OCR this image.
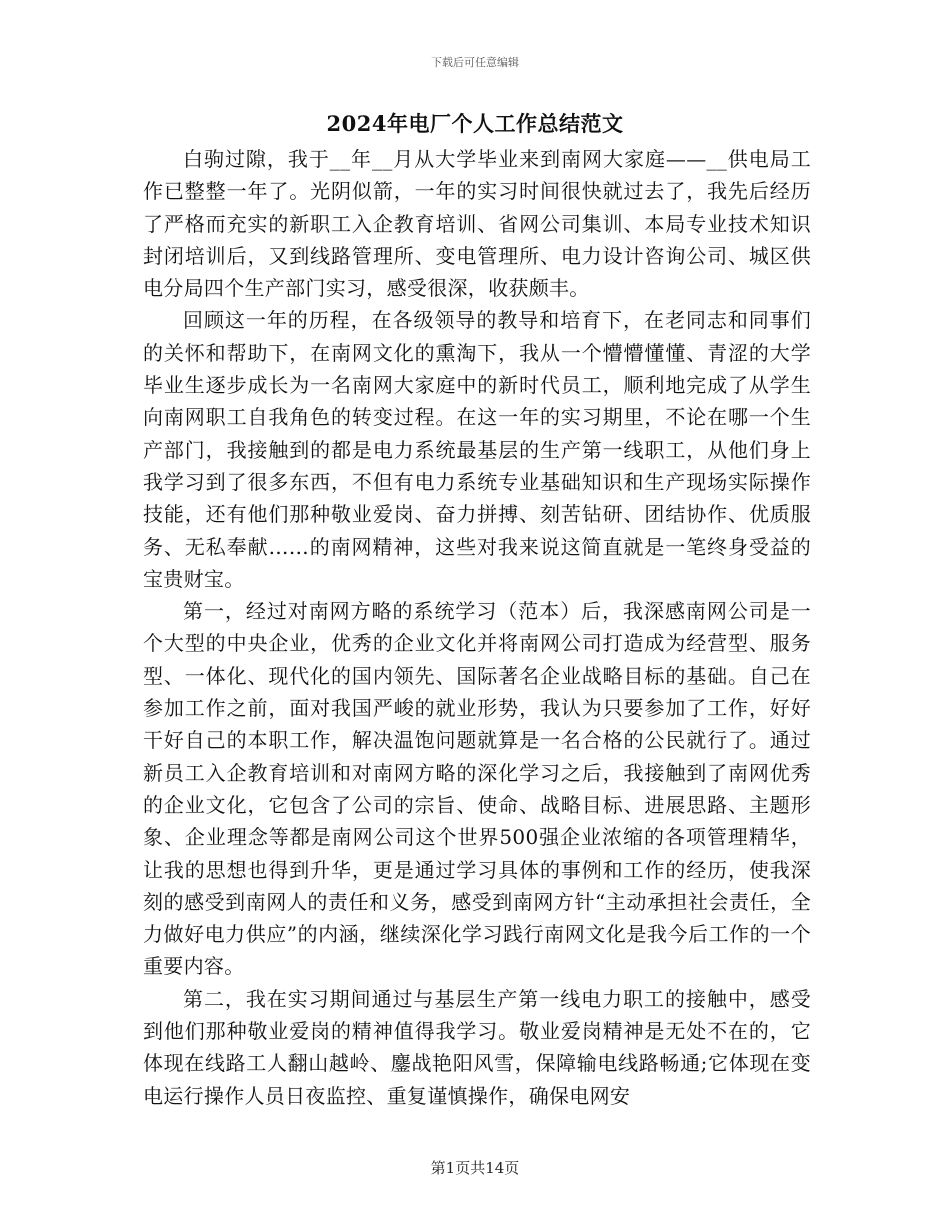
下载后可任意编辑
2024年电厂个人工作总结范文

白驹过隙，我于__年__月从大学毕业来到南网大家庭——__供电局工作已整整一年了。光阴似箭，一年的实习时间很快就过去了，我先后经历了严格而充实的新职工入企教育培训、省网公司集训、本局专业技术知识封闭培训后，又到线路管理所、变电管理所、电力设计咨询公司、城区供电分局四个生产部门实习，感受很深，收获颇丰。

回顾这一年的历程，在各级领导的教导和培育下，在老同志和同事们的关怀和帮助下，在南网文化的熏淘下，我从一个懵懵懂懂、青涩的大学毕业生逐步成长为一名南网大家庭中的新时代员工，顺利地完成了从学生向南网职工自我角色的转变过程。在这一年的实习期里，不论在哪一个生产部门，我接触到的都是电力系统最基层的生产第一线职工，从他们身上我学习到了很多东西，不但有电力系统专业基础知识和生产现场实际操作技能，还有他们那种敬业爱岗、奋力拼搏、刻苦钻研、团结协作、优质服务、无私奉献……的南网精神，这些对我来说这简直就是一笔终身受益的宝贵财宝。

第一，经过对南网方略的系统学习（范本）后，我深感南网公司是一个大型的中央企业，优秀的企业文化并将南网公司打造成为经营型、服务型、一体化、现代化的国内领先、国际著名企业战略目标的基础。自己在参加工作之前，面对我国严峻的就业形势，我认为只要参加了工作，好好干好自己的本职工作，解决温饱问题就算是一名合格的公民就行了。通过新员工入企教育培训和对南网方略的深化学习之后，我接触到了南网优秀的企业文化，它包含了公司的宗旨、使命、战略目标、进展思路、主题形象、企业理念等都是南网公司这个世界500强企业浓缩的各项管理精华，让我的思想也得到升华，更是通过学习具体的事例和工作的经历，使我深刻的感受到南网人的责任和义务，感受到南网方针“主动承担社会责任，全力做好电力供应”的内涵，继续深化学习践行南网文化是我今后工作的一个重要内容。

第二，我在实习期间通过与基层生产第一线电力职工的接触中，感受到他们那种敬业爱岗的精神值得我学习。敬业爱岗精神是无处不在的，它体现在线路工人翻山越岭、鏖战艳阳风雪，保障输电线路畅通;它体现在变电运行操作人员日夜监控、重复谨慎操作，确保电网安

第1页共14页
